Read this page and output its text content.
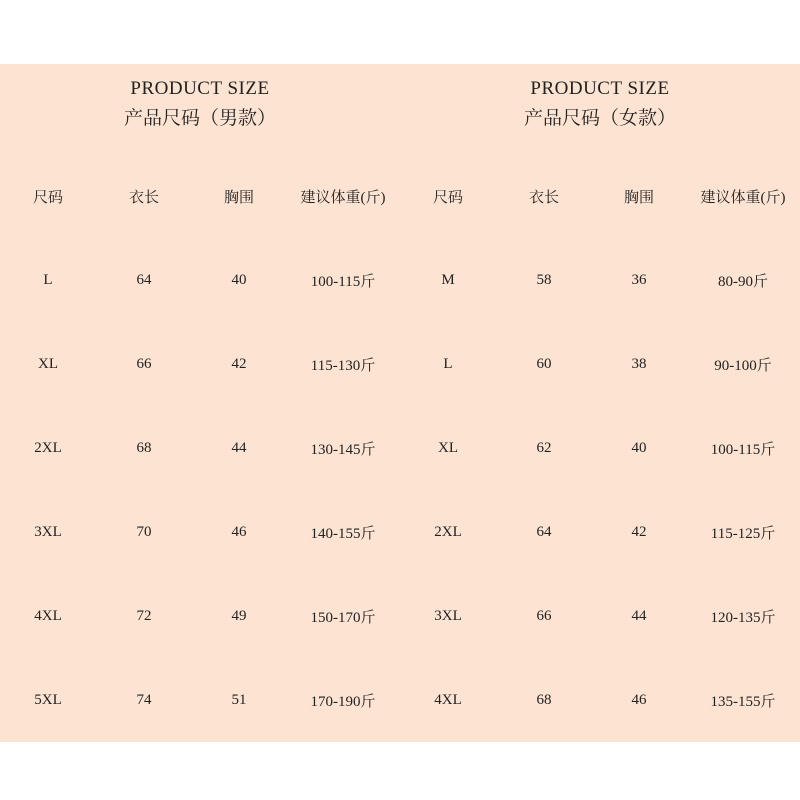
PRODUCT SIZE
产品尺码（男款）
尺码	衣长	胸围	建议体重(斤)
L	64	40	100-115斤
XL	66	42	115-130斤
2XL	68	44	130-145斤
3XL	70	46	140-155斤
4XL	72	49	150-170斤
5XL	74	51	170-190斤
PRODUCT SIZE
产品尺码（女款）
尺码	衣长	胸围	建议体重(斤)
M	58	36	80-90斤
L	60	38	90-100斤
XL	62	40	100-115斤
2XL	64	42	115-125斤
3XL	66	44	120-135斤
4XL	68	46	135-155斤
